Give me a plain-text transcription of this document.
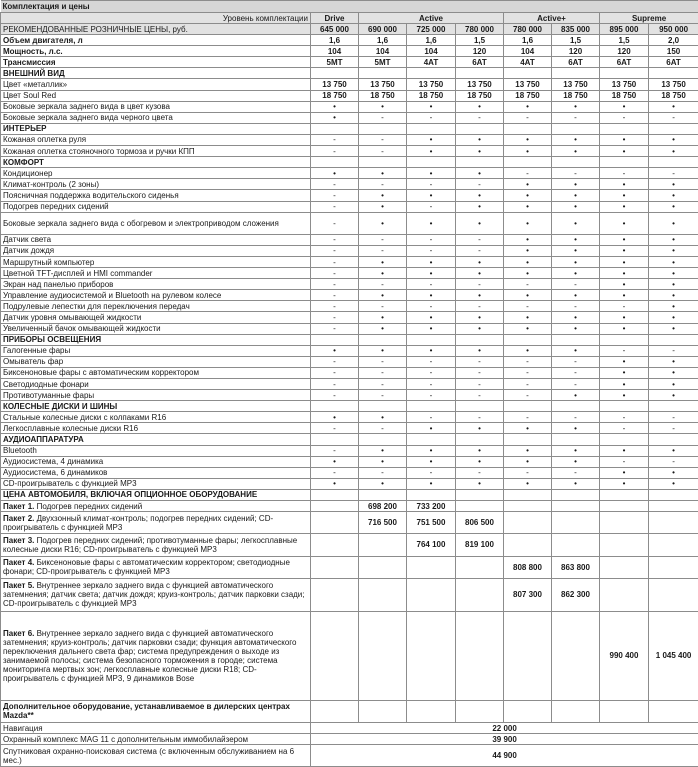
Комплектация и цены								
Уровень комплектации	Drive	Active			Active+		Supreme	
РЕКОМЕНДОВАННЫЕ РОЗНИЧНЫЕ ЦЕНЫ, руб.	645 000	690 000	725 000	780 000	780 000	835 000	895 000	950 000
Объем двигателя, л	1,6	1,6	1,6	1,5	1,6	1,5	1,5	2,0
Мощность, л.с.	104	104	104	120	104	120	120	150
Трансмиссия	5MT	5MT	4AT	6AT	4AT	6AT	6AT	6AT
ВНЕШНИЙ ВИД								
Цвет «металлик»	13 750	13 750	13 750	13 750	13 750	13 750	13 750	13 750
Цвет Soul Red	18 750	18 750	18 750	18 750	18 750	18 750	18 750	18 750
Боковые зеркала заднего вида в цвет кузова	•	•	•	•	•	•	•	•
Боковые зеркала заднего вида черного цвета	•	-	-	-	-	-	-	-
ИНТЕРЬЕР								
Кожаная оплетка руля	-	-	•	•	•	•	•	•
Кожаная оплетка стояночного тормоза и ручки КПП	-	-	•	•	•	•	•	•
КОМФОРТ								
Кондиционер	•	•	•	•	-	-	-	-
Климат-контроль (2 зоны)	-	-	-	-	•	•	•	•
Поясничная поддержка водительского сиденья	-	•	•	•	•	•	•	•
Подогрев передних сидений	-	•	-	•	•	•	•	•
Боковые зеркала заднего вида с обогревом и электроприводом сложения	-	•	•	•	•	•	•	•
Датчик света	-	-	-	-	•	•	•	•
Датчик дождя	-	-	-	-	•	•	•	•
Маршрутный компьютер	-	•	•	•	•	•	•	•
Цветной TFT-дисплей и HMI commander	-	•	•	•	•	•	•	•
Экран над панелью приборов	-	-	-	-	-	-	•	•
Управление аудиосистемой и Bluetooth на рулевом колесе	-	•	•	•	•	•	•	•
Подрулевые лепестки для переключения передач	-	-	-	-	-	-	-	•
Датчик уровня омывающей жидкости	-	•	•	•	•	•	•	•
Увеличенный бачок омывающей жидкости	-	•	•	•	•	•	•	•
ПРИБОРЫ ОСВЕЩЕНИЯ								
Галогенные фары	•	•	•	•	•	•	-	-
Омыватель фар	-	-	-	-	-	-	•	•
Биксеноновые фары с автоматическим корректором	-	-	-	-	-	-	•	•
Светодиодные фонари	-	-	-	-	-	-	•	•
Противотуманные фары	-	-	-	-	-	•	•	•
КОЛЕСНЫЕ ДИСКИ И ШИНЫ								
Стальные колесные диски с колпаками R16	•	•	-	-	-	-	-	-
Легкосплавные колесные диски R16	-	-	•	•	•	•	-	-
АУДИОАППАРАТУРА								
Bluetooth	-	•	•	•	•	•	•	•
Аудиосистема, 4 динамика	•	•	•	•	•	•	-	-
Аудиосистема, 6 динамиков	-	-	-	-	-	-	•	•
CD-проигрыватель с функцией MP3	•	•	•	•	•	•	•	•
ЦЕНА АВТОМОБИЛЯ, ВКЛЮЧАЯ ОПЦИОННОЕ ОБОРУДОВАНИЕ								
Пакет 1. Подогрев передних сидений		698 200	733 200					
Пакет 2. Двухзонный климат-контроль; подогрев передних сидений; CD-проигрыватель с функцией MP3		716 500	751 500	806 500				
Пакет 3. Подогрев передних сидений; противотуманные фары; легкосплавные колесные диски R16; CD-проигрыватель с функцией MP3			764 100	819 100				
Пакет 4. Биксеноновые фары с автоматическим корректором; светодиодные фонари; CD-проигрыватель с функцией MP3					808 800	863 800		
Пакет 5. Внутреннее зеркало заднего вида с функцией автоматического затемнения; датчик света; датчик дождя; круиз-контроль; датчик парковки сзади; CD-проигрыватель с функцией MP3					807 300	862 300		
Пакет 6. Внутреннее зеркало заднего вида с функцией автоматического затемнения; круиз-контроль; датчик парковки сзади; функция автоматического переключения дальнего света фар; система предупреждения о выходе из занимаемой полосы; система безопасного торможения в городе; система мониторинга мертвых зон; легкосплавные колесные диски R18; CD-проигрыватель с функцией MP3, 9 динамиков Bose							990 400	1 045 400
Дополнительное оборудование, устанавливаемое в дилерских центрах Mazda**								
Навигация	22 000							
Охранный комплекс MAG 11 с дополнительным иммобилайзером	39 900							
Спутниковая охранно-поисковая система (с включенным обслуживанием на 6 мес.)	44 900							
